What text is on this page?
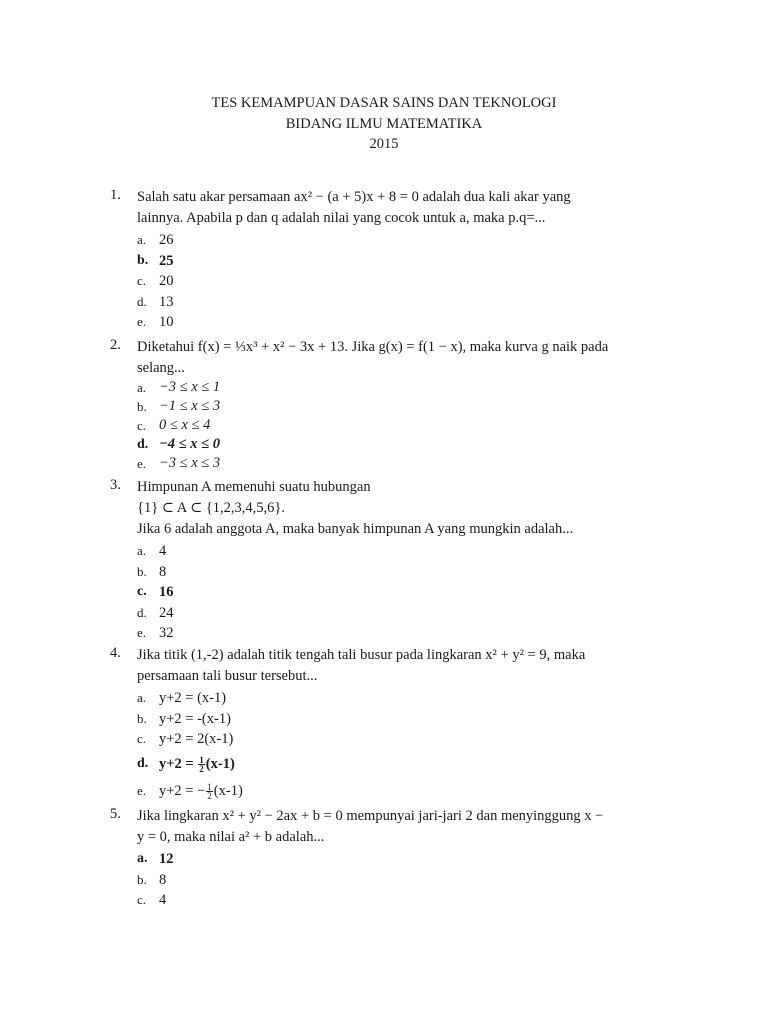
TES KEMAMPUAN DASAR SAINS DAN TEKNOLOGI
BIDANG ILMU MATEMATIKA
2015
1.	Salah satu akar persamaan ax² − (a + 5)x + 8 = 0 adalah dua kali akar yang
lainnya. Apabila p dan q adalah nilai yang cocok untuk a, maka p.q=...
a. 26
b. 25
c. 20
d. 13
e. 10
2.	Diketahui f(x) = ⅓x³ + x² − 3x + 13. Jika g(x) = f(1 − x), maka kurva g naik pada
selang...
a. −3 ≤ x ≤ 1
b. −1 ≤ x ≤ 3
c. 0 ≤ x ≤ 4
d. −4 ≤ x ≤ 0
e. −3 ≤ x ≤ 3
3.	Himpunan A memenuhi suatu hubungan
{1} ⊂ A ⊂ {1,2,3,4,5,6}.
Jika 6 adalah anggota A, maka banyak himpunan A yang mungkin adalah...
a. 4
b. 8
c. 16
d. 24
e. 32
4.	Jika titik (1,-2) adalah titik tengah tali busur pada lingkaran x² + y² = 9, maka
persamaan tali busur tersebut...
a. y+2 = (x-1)
b. y+2 = -(x-1)
c. y+2 = 2(x-1)
d. $y+2 = \frac{1}{2} (x-1)$
e. y+2 = − $\frac{1}{2} (x-1)$
5.	Jika lingkaran x² + y² − 2ax + b = 0 mempunyai jari-jari 2 dan menyinggung x −
y = 0, maka nilai a² + b adalah...
a. 12
b. 8
c. 4
